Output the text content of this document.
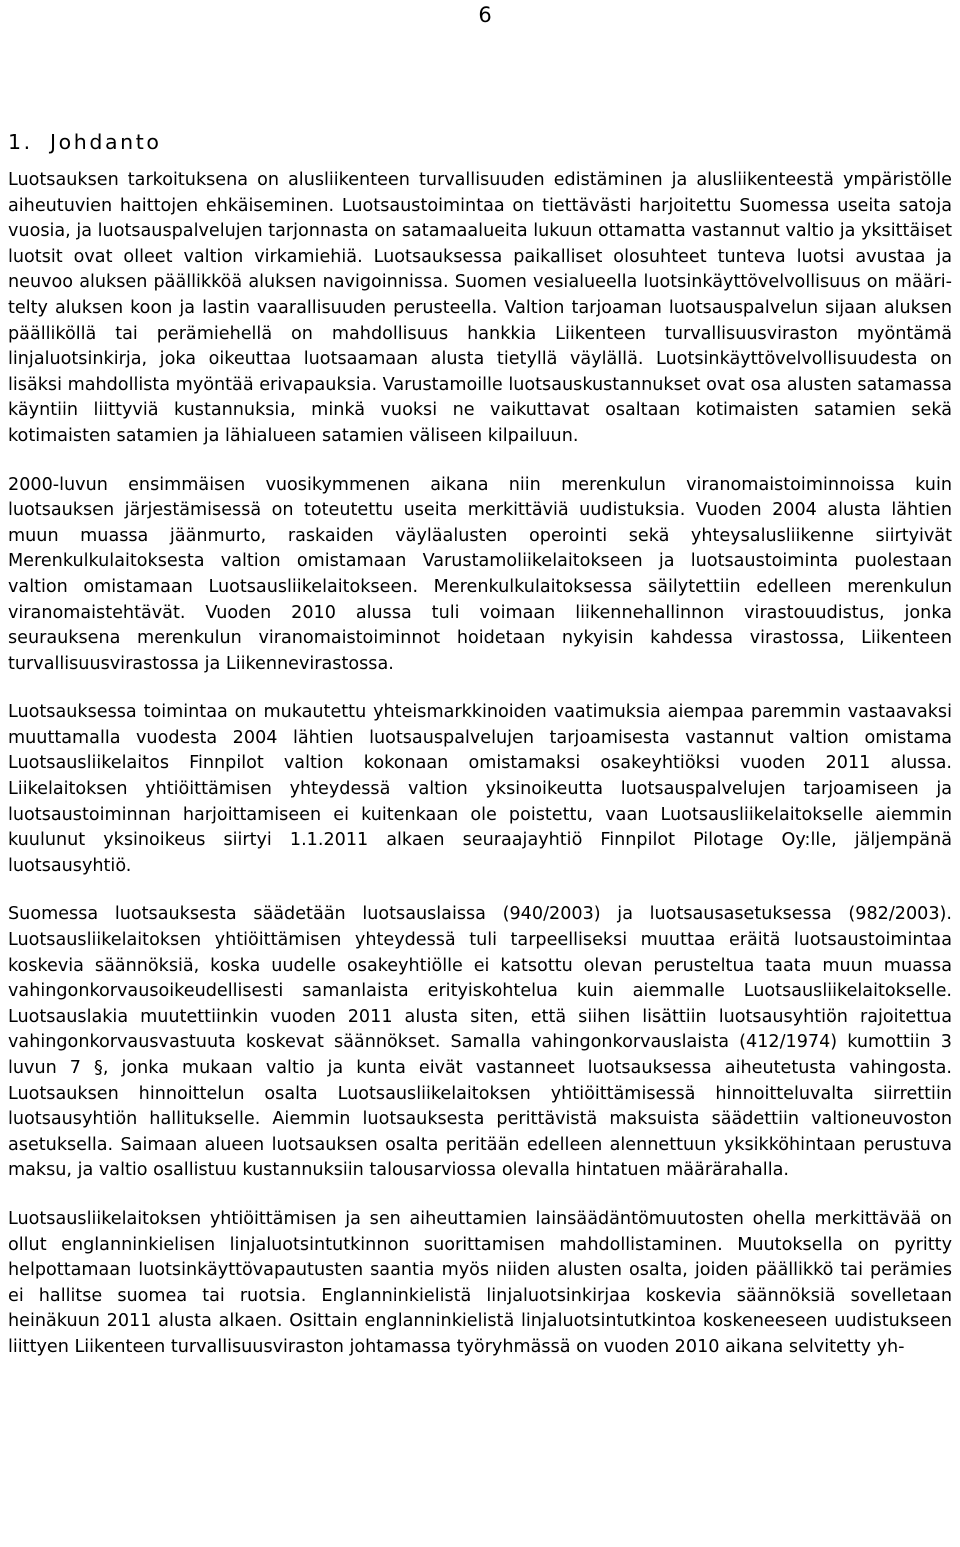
6
1. Johdanto

Luotsauksen tarkoituksena on alusliikenteen turvallisuuden edistäminen ja alusliikenteestä ympäristölle aiheutuvien haittojen ehkäiseminen. Luotsaustoimintaa on tiettävästi harjoitettu Suomessa useita satoja vuosia, ja luotsauspalvelujen tarjonnasta on satamaalueita lukuun ottamatta vastannut valtio ja yksittäiset luotsit ovat olleet valtion virkamiehiä. Luotsauksessa paikalliset olosuhteet tunteva luotsi avustaa ja neuvoo aluksen päällikköä aluksen navigoinnissa. Suomen vesialueella luotsinkäyttövelvollisuus on määritelty aluksen koon ja lastin vaarallisuuden perusteella. Valtion tarjoaman luotsauspalvelun sijaan aluksen päälliköllä tai perämiehellä on mahdollisuus hankkia Liikenteen turvallisuusviraston myöntämä linjaluotsinkirja, joka oikeuttaa luotsaamaan alusta tietyllä väylällä. Luotsinkäyttövelvollisuudesta on lisäksi mahdollista myöntää erivapauksia. Varustamoille luotsauskustannukset ovat osa alusten satamassa käyntiin liittyviä kustannuksia, minkä vuoksi ne vaikuttavat osaltaan kotimaisten satamien sekä kotimaisten satamien ja lähialueen satamien väliseen kilpailuun.

2000-luvun ensimmäisen vuosikymmenen aikana niin merenkulun viranomaistoiminnoissa kuin luotsauksen järjestämisessä on toteutettu useita merkittäviä uudistuksia. Vuoden 2004 alusta lähtien muun muassa jäänmurto, raskaiden väyläalusten operointi sekä yhteysalusliikenne siirtyivät Merenkulkulaitoksesta valtion omistamaan Varustamoliikelaitokseen ja luotsaustoiminta puolestaan valtion omistamaan Luotsausliikelaitokseen. Merenkulkulaitoksessa säilytettiin edelleen merenkulun viranomaistehtävät. Vuoden 2010 alussa tuli voimaan liikennehallinnon virastouudistus, jonka seurauksena merenkulun viranomaistoiminnot hoidetaan nykyisin kahdessa virastossa, Liikenteen turvallisuusvirastossa ja Liikennevirastossa.

Luotsauksessa toimintaa on mukautettu yhteismarkkinoiden vaatimuksia aiempaa paremmin vastaavaksi muuttamalla vuodesta 2004 lähtien luotsauspalvelujen tarjoamisesta vastannut valtion omistama Luotsausliikelaitos Finnpilot valtion kokonaan omistamaksi osakeyhtiöksi vuoden 2011 alussa. Liikelaitoksen yhtiöittämisen yhteydessä valtion yksinoikeutta luotsauspalvelujen tarjoamiseen ja luotsaustoiminnan harjoittamiseen ei kuitenkaan ole poistettu, vaan Luotsausliikelaitokselle aiemmin kuulunut yksinoikeus siirtyi 1.1.2011 alkaen seuraajayhtiö Finnpilot Pilotage Oy:lle, jäljempänä luotsausyhtiö.

Suomessa luotsauksesta säädetään luotsauslaissa (940/2003) ja luotsausasetuksessa (982/2003). Luotsausliikelaitoksen yhtiöittämisen yhteydessä tuli tarpeelliseksi muuttaa eräitä luotsaustoimintaa koskevia säännöksiä, koska uudelle osakeyhtiölle ei katsottu olevan perusteltua taata muun muassa vahingonkorvausoikeudellisesti samanlaista erityiskohtelua kuin aiemmalle Luotsausliikelaitokselle. Luotsauslakia muutettiinkin vuoden 2011 alusta siten, että siihen lisättiin luotsausyhtiön rajoitettua vahingonkorvausvastuuta koskevat säännökset. Samalla vahingonkorvauslaista (412/1974) kumottiin 3 luvun 7 §, jonka mukaan valtio ja kunta eivät vastanneet luotsauksessa aiheutetusta vahingosta. Luotsauksen hinnoittelun osalta Luotsausliikelaitoksen yhtiöittämisessä hinnoitteluvalta siirrettiin luotsausyhtiön hallitukselle. Aiemmin luotsauksesta perittävistä maksuista säädettiin valtioneuvoston asetuksella. Saimaan alueen luotsauksen osalta peritään edelleen alennettuun yksikköhintaan perustuva maksu, ja valtio osallistuu kustannuksiin talousarviossa olevalla hintatuen määrärahalla.

Luotsausliikelaitoksen yhtiöittämisen ja sen aiheuttamien lainsäädäntömuutosten ohella merkittävää on ollut englanninkielisen linjaluotsintutkinnon suorittamisen mahdollistaminen. Muutoksella on pyritty helpottamaan luotsinkäyttövapautusten saantia myös niiden alusten osalta, joiden päällikkö tai perämies ei hallitse suomea tai ruotsia. Englanninkielistä linjaluotsinkirjaa koskevia säännöksiä sovelletaan heinäkuun 2011 alusta alkaen. Osittain englanninkielistä linjaluotsintutkintoa koskeneeseen uudistukseen liittyen Liikenteen turvallisuusviraston johtamassa työryhmässä on vuoden 2010 aikana selvitetty yh-
